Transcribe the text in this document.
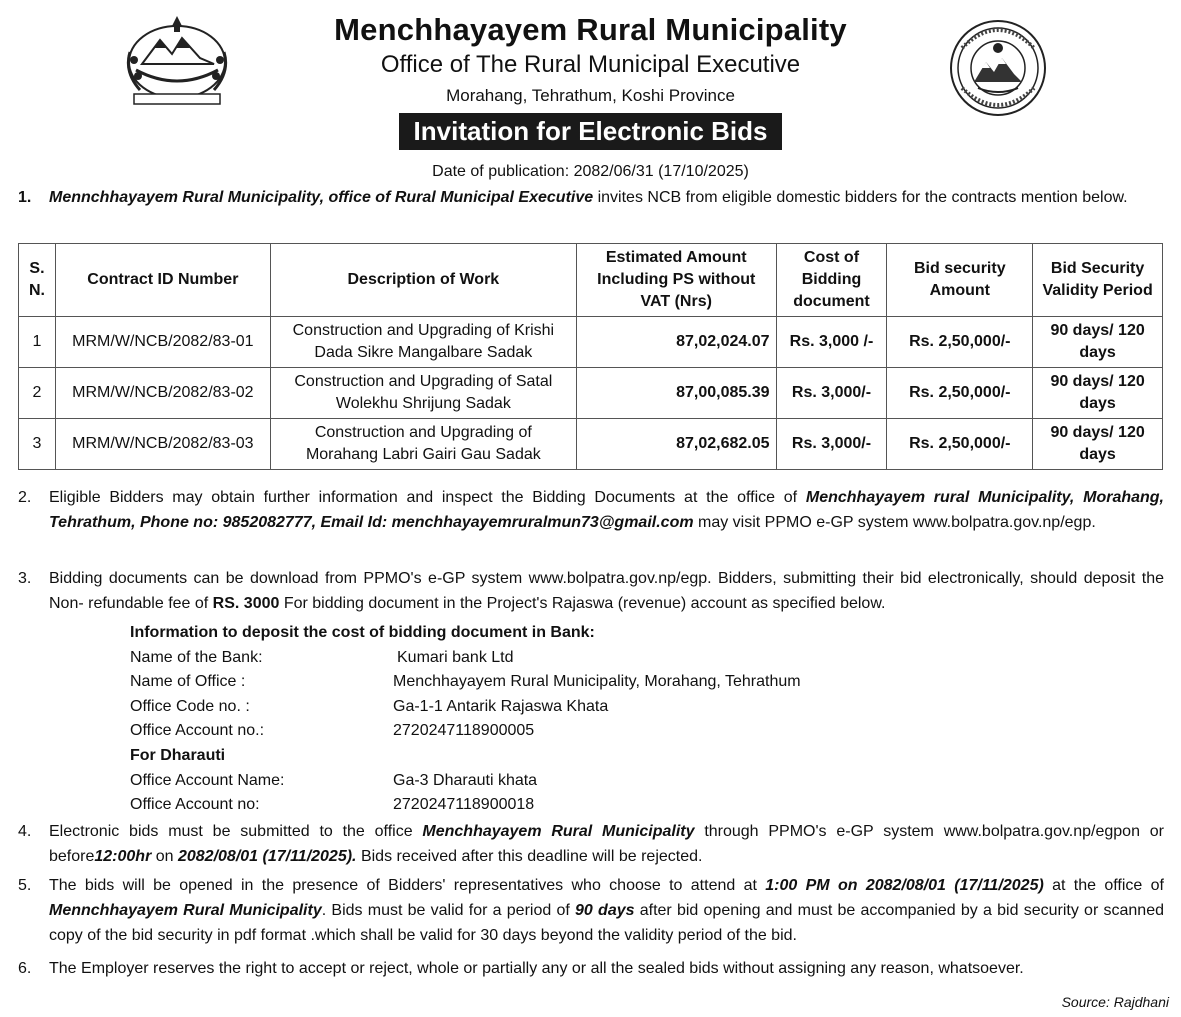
Menchhayayem Rural Municipality
Office of The Rural Municipal Executive
Morahang, Tehrathum, Koshi Province
Invitation for Electronic Bids
Date of publication: 2082/06/31 (17/10/2025)
1. Mennchhayayem Rural Municipality, office of Rural Municipal Executive invites NCB from eligible domestic bidders for the contracts mention below.
S. N.	Contract ID Number	Description of Work	Estimated Amount Including PS without VAT (Nrs)	Cost of Bidding document	Bid security Amount	Bid Security Validity Period
1	MRM/W/NCB/2082/83-01	Construction and Upgrading of Krishi Dada Sikre Mangalbare Sadak	87,02,024.07	Rs. 3,000 /-	Rs. 2,50,000/-	90 days/ 120 days
2	MRM/W/NCB/2082/83-02	Construction and Upgrading of Satal Wolekhu Shrijung Sadak	87,00,085.39	Rs. 3,000/-	Rs. 2,50,000/-	90 days/ 120 days
3	MRM/W/NCB/2082/83-03	Construction and Upgrading of Morahang Labri Gairi Gau Sadak	87,02,682.05	Rs. 3,000/-	Rs. 2,50,000/-	90 days/ 120 days
2. Eligible Bidders may obtain further information and inspect the Bidding Documents at the office of Menchhayayem rural Municipality, Morahang, Tehrathum, Phone no: 9852082777, Email Id: menchhayayemruralmun73@gmail.com may visit PPMO e-GP system www.bolpatra.gov.np/egp.
3. Bidding documents can be download from PPMO's e-GP system www.bolpatra.gov.np/egp. Bidders, submitting their bid electronically, should deposit the Non- refundable fee of RS. 3000 For bidding document in the Project's Rajaswa (revenue) account as specified below.
Information to deposit the cost of bidding document in Bank:
Name of the Bank:	Kumari bank Ltd
Name of Office :	Menchhayayem Rural Municipality, Morahang, Tehrathum
Office Code no. :	Ga-1-1 Antarik Rajaswa Khata
Office Account no.:	2720247118900005
For Dharauti
Office Account Name:	Ga-3 Dharauti khata
Office Account no:	2720247118900018
4. Electronic bids must be submitted to the office Menchhayayem Rural Municipality through PPMO's e-GP system www.bolpatra.gov.np/egpon or before12:00hr on 2082/08/01 (17/11/2025). Bids received after this deadline will be rejected.
5. The bids will be opened in the presence of Bidders' representatives who choose to attend at 1:00 PM on 2082/08/01 (17/11/2025) at the office of Mennchhayayem Rural Municipality. Bids must be valid for a period of 90 days after bid opening and must be accompanied by a bid security or scanned copy of the bid security in pdf format .which shall be valid for 30 days beyond the validity period of the bid.
6. The Employer reserves the right to accept or reject, whole or partially any or all the sealed bids without assigning any reason, whatsoever.
Source: Rajdhani
